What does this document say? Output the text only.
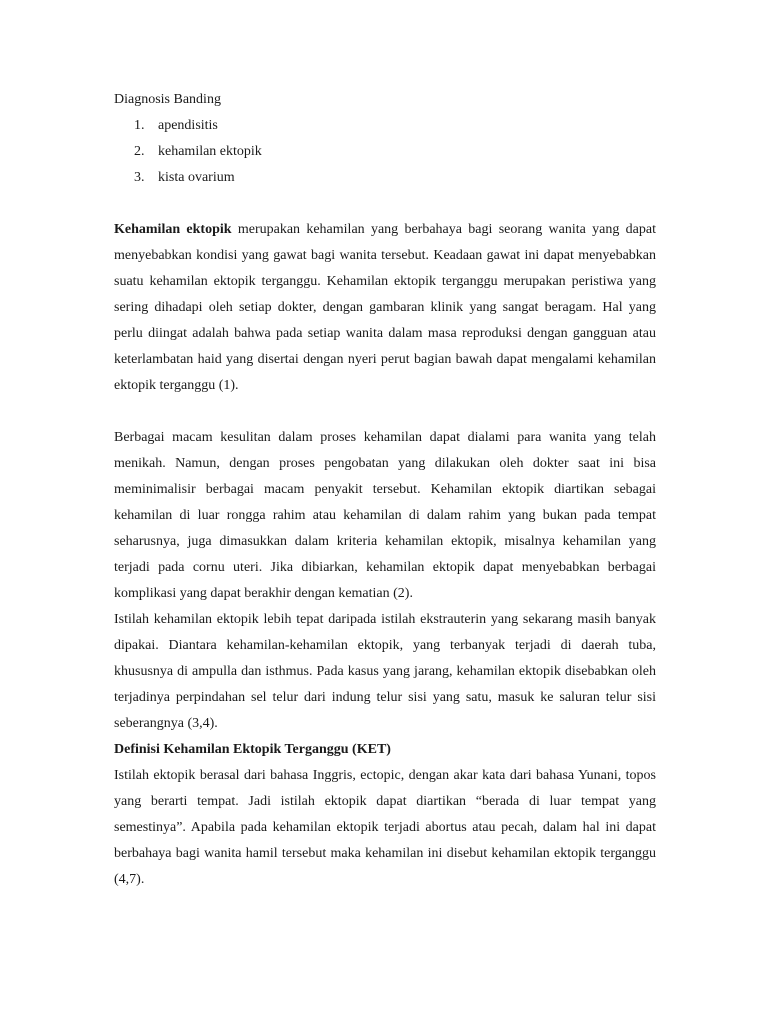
Diagnosis Banding

1. apendisitis
2. kehamilan ektopik
3. kista ovarium

Kehamilan ektopik merupakan kehamilan yang berbahaya bagi seorang wanita yang dapat menyebabkan kondisi yang gawat bagi wanita tersebut. Keadaan gawat ini dapat menyebabkan suatu kehamilan ektopik terganggu. Kehamilan ektopik terganggu merupakan peristiwa yang sering dihadapi oleh setiap dokter, dengan gambaran klinik yang sangat beragam. Hal yang perlu diingat adalah bahwa pada setiap wanita dalam masa reproduksi dengan gangguan atau keterlambatan haid yang disertai dengan nyeri perut bagian bawah dapat mengalami kehamilan ektopik terganggu (1).

Berbagai macam kesulitan dalam proses kehamilan dapat dialami para wanita yang telah menikah. Namun, dengan proses pengobatan yang dilakukan oleh dokter saat ini bisa meminimalisir berbagai macam penyakit tersebut. Kehamilan ektopik diartikan sebagai kehamilan di luar rongga rahim atau kehamilan di dalam rahim yang bukan pada tempat seharusnya, juga dimasukkan dalam kriteria kehamilan ektopik, misalnya kehamilan yang terjadi pada cornu uteri. Jika dibiarkan, kehamilan ektopik dapat menyebabkan berbagai komplikasi yang dapat berakhir dengan kematian (2).

Istilah kehamilan ektopik lebih tepat daripada istilah ekstrauterin yang sekarang masih banyak dipakai. Diantara kehamilan-kehamilan ektopik, yang terbanyak terjadi di daerah tuba, khususnya di ampulla dan isthmus. Pada kasus yang jarang, kehamilan ektopik disebabkan oleh terjadinya perpindahan sel telur dari indung telur sisi yang satu, masuk ke saluran telur sisi seberangnya (3,4).

Definisi Kehamilan Ektopik Terganggu (KET)

Istilah ektopik berasal dari bahasa Inggris, ectopic, dengan akar kata dari bahasa Yunani, topos yang berarti tempat. Jadi istilah ektopik dapat diartikan “berada di luar tempat yang semestinya”. Apabila pada kehamilan ektopik terjadi abortus atau pecah, dalam hal ini dapat berbahaya bagi wanita hamil tersebut maka kehamilan ini disebut kehamilan ektopik terganggu (4,7).
